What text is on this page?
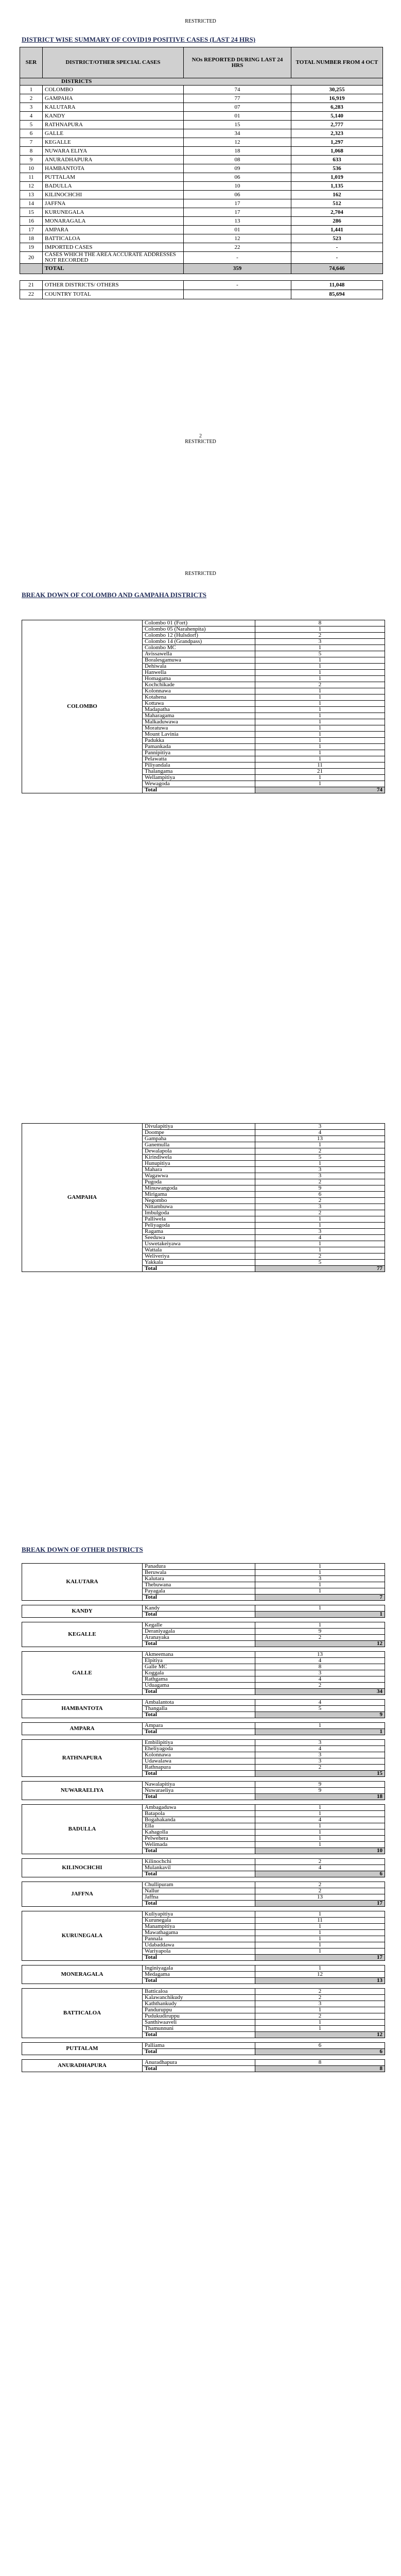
RESTRICTED
DISTRICT WISE SUMMARY OF COVID19 POSITIVE CASES (LAST 24 HRS)
SER	DISTRICT/OTHER SPECIAL CASES	NOs REPORTED DURING LAST 24 HRS	TOTAL NUMBER FROM 4 OCT
DISTRICTS			
1	COLOMBO	74	30,255
2	GAMPAHA	77	16,919
3	KALUTARA	07	6,283
4	KANDY	01	5,140
5	RATHNAPURA	15	2,777
6	GALLE	34	2,323
7	KEGALLE	12	1,297
8	NUWARA ELIYA	18	1,068
9	ANURADHAPURA	08	633
10	HAMBANTOTA	09	536
11	PUTTALAM	06	1,019
12	BADULLA	10	1,135
13	KILINOCHCHI	06	162
14	JAFFNA	17	512
15	KURUNEGALA	17	2,704
16	MONARAGALA	13	286
17	AMPARA	01	1,441
18	BATTICALOA	12	523
19	IMPORTED CASES	22	-
20	CASES WHICH THE AREA ACCURATE ADDRESSES NOT RECORDED	-	-
	TOTAL	359	74,646
21	OTHER DISTRICTS/ OTHERS	-	11,048
22	COUNTRY TOTAL		85,694
2
RESTRICTED
RESTRICTED
BREAK DOWN OF COLOMBO AND GAMPAHA DISTRICTS
COLOMBO	Colombo 01 (Fort)	8
	Colombo 05 (Narahenpita)	1
	Colombo 12 (Hulsdorf)	2
	Colombo 14 (Grandpass)	3
	Colombo MC	1
	Avissawella	5
	Boralesgamuwa	1
	Dehiwala	1
	Hanwella	1
	Homagama	1
	Kochchikade	2
	Kolonnawa	1
	Kotahena	1
	Kottawa	1
	Madapatha	1
	Maharagama	1
	Malkaduwawa	1
	Moratuwa	1
	Mount Lavinia	1
	Padukka	1
	Pamankada	1
	Pannipitiya	1
	Pelawatta	1
	Piliyandala	11
	Thalangama	21
	Wellampitiya	1
	Wewagoda	1
	Total	74
GAMPAHA	Divulapitiya	3
	Doompe	4
	Gampaha	13
	Ganemulla	1
	Dewalapola	2
	Kirindiwela	5
	Hunupitiya	1
	Mahara	3
	Wagawwa	3
	Pugoda	2
	Minuwangoda	9
	Mirigama	6
	Negombo	2
	Nittambuwa	3
	Imbulgoda	2
	Palliwela	1
	Peliyagoda	1
	Ragama	3
	Seeduwa	4
	Uswetakeiyawa	1
	Wattala	1
	Weliveriya	2
	Yakkala	5
	Total	77
BREAK DOWN OF OTHER DISTRICTS
KALUTARA	Panadura	1
	Beruwala	1
	Kalutara	3
	Thebuwana	1
	Payagala	1
	Total	7
KANDY	Kandy	1
	Total	1
KEGALLE	Kegalle	1
	Deraniyagala	9
	Aranayaka	2
	Total	12
GALLE	Akmeemana	13
	Elpitiya	4
	Galle MC	8
	Koggala	3
	Rathgama	4
	Uduagama	2
	Total	34
HAMBANTOTA	Ambalantota	4
	Thangalla	5
	Total	9
AMPARA	Ampara	1
	Total	1
RATHNAPURA	Embilipitiya	3
	Eheliyagoda	4
	Kolonnawa	3
	Udawalawa	3
	Rathnapura	2
	Total	15
NUWARAELIYA	Nawalapitiya	9
	Nuwaraeliya	9
	Total	18
BADULLA	Ambagaduwa	1
	Batapola	1
	Bogahakanda	4
	Ella	1
	Kahagolla	1
	Pelwehera	1
	Welimada	1
	Total	10
KILINOCHCHI	Kilinochchi	2
	Mulankavil	4
	Total	6
JAFFNA	Chullipuram	2
	Nallur	2
	Jaffna	13
	Total	17
KURUNEGALA	Kuliyapitiya	1
	Kurunegala	11
	Manampitiya	1
	Mawathagama	1
	Pannala	1
	Udabaddawa	1
	Wariyapola	1
	Total	17
MONERAGALA	Inginiyagala	1
	Medagama	12
	Total	13
BATTICALOA	Batticaloa	2
	Kalawanchikudy	2
	Kaththankudy	3
	Panduruppu	1
	Pudukudiruppu	2
	Santhiwaaveli	1
	Thamunnuni	1
	Total	12
PUTTALAM	Palliama	6
	Total	6
ANURADHAPURA	Anuradhapura	8
	Total	8
